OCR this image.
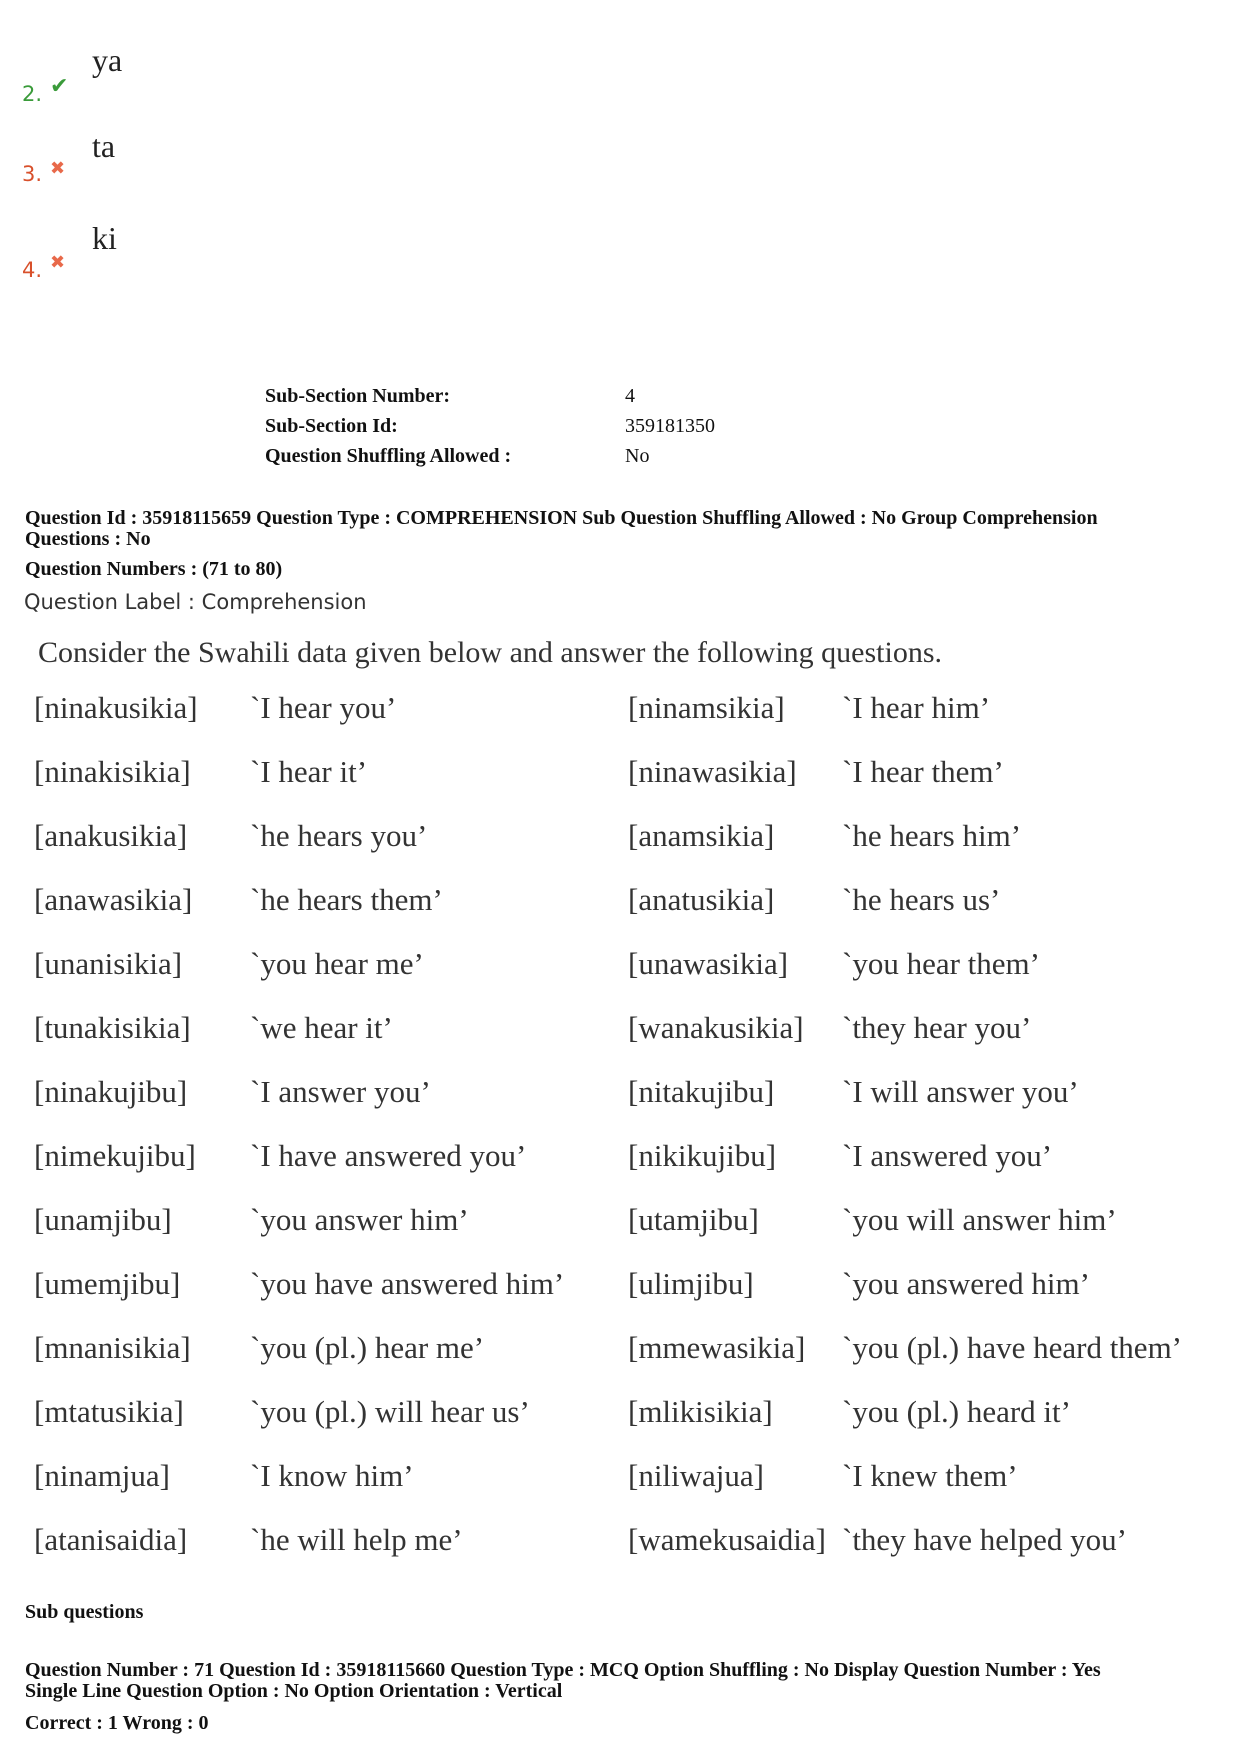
2. ✔
ya
3. ✖
ta
4. ✖
ki
Sub-Section Number:	4
Sub-Section Id:	359181350
Question Shuffling Allowed :	No
Question Id : 35918115659 Question Type : COMPREHENSION Sub Question Shuffling Allowed : No Group Comprehension
Questions : No
Question Numbers : (71 to 80)
Question Label : Comprehension
Consider the Swahili data given below and answer the following questions.
[ninakusikia] `I hear you’	[ninamsikia] `I hear him’
[ninakisikia] `I hear it’	[ninawasikia] `I hear them’
[anakusikia] `he hears you’	[anamsikia] `he hears him’
[anawasikia] `he hears them’	[anatusikia] `he hears us’
[unanisikia] `you hear me’	[unawasikia] `you hear them’
[tunakisikia] `we hear it’	[wanakusikia] `they hear you’
[ninakujibu] `I answer you’	[nitakujibu] `I will answer you’
[nimekujibu] `I have answered you’	[nikikujibu] `I answered you’
[unamjibu]	`you answer him’	[utamjibu]	`you will answer him’
[umemjibu] `you have answered him’ [ulimjibu]	`you answered him’
[mnanisikia] `you (pl.) hear me’	[mmewasikia] `you (pl.) have heard them’
[mtatusikia] `you (pl.) will hear us’	[mlikisikia] `you (pl.) heard it’
[ninamjua]	`I know him’	[niliwajua]	`I knew them’
[atanisaidia] `he will help me’	[wamekusaidia] `they have helped you’
Sub questions
Question Number : 71 Question Id : 35918115660 Question Type : MCQ Option Shuffling : No Display Question Number : Yes
Single Line Question Option : No Option Orientation : Vertical
Correct : 1 Wrong : 0
